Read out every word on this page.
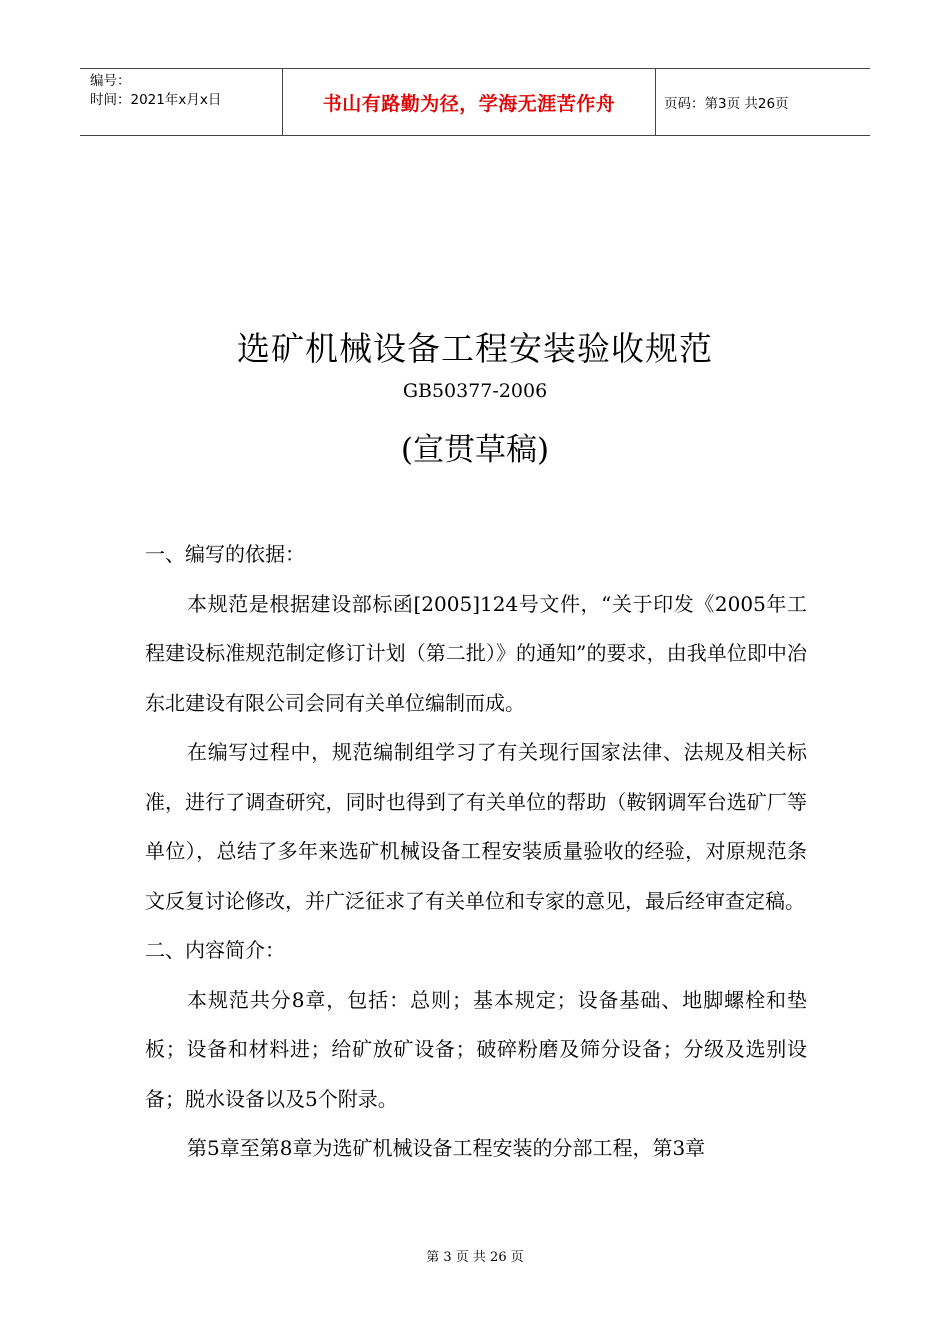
编号：
时间：2021年x月x日	书山有路勤为径，学海无涯苦作舟	页码：第3页 共26页
选矿机械设备工程安装验收规范
GB50377-2006
(宣贯草稿)

一、编写的依据：

本规范是根据建设部标函[2005]124号文件，“关于印发《2005年工程建设标准规范制定修订计划（第二批）》的通知”的要求，由我单位即中冶东北建设有限公司会同有关单位编制而成。

在编写过程中，规范编制组学习了有关现行国家法律、法规及相关标准，进行了调查研究，同时也得到了有关单位的帮助（鞍钢调军台选矿厂等单位），总结了多年来选矿机械设备工程安装质量验收的经验，对原规范条文反复讨论修改，并广泛征求了有关单位和专家的意见，最后经审查定稿。

二、内容简介：

本规范共分8章，包括：总则；基本规定；设备基础、地脚螺栓和垫板；设备和材料进；给矿放矿设备；破碎粉磨及筛分设备；分级及选别设备；脱水设备以及5个附录。

第5章至第8章为选矿机械设备工程安装的分部工程，第3章

第 3 页 共 26 页
